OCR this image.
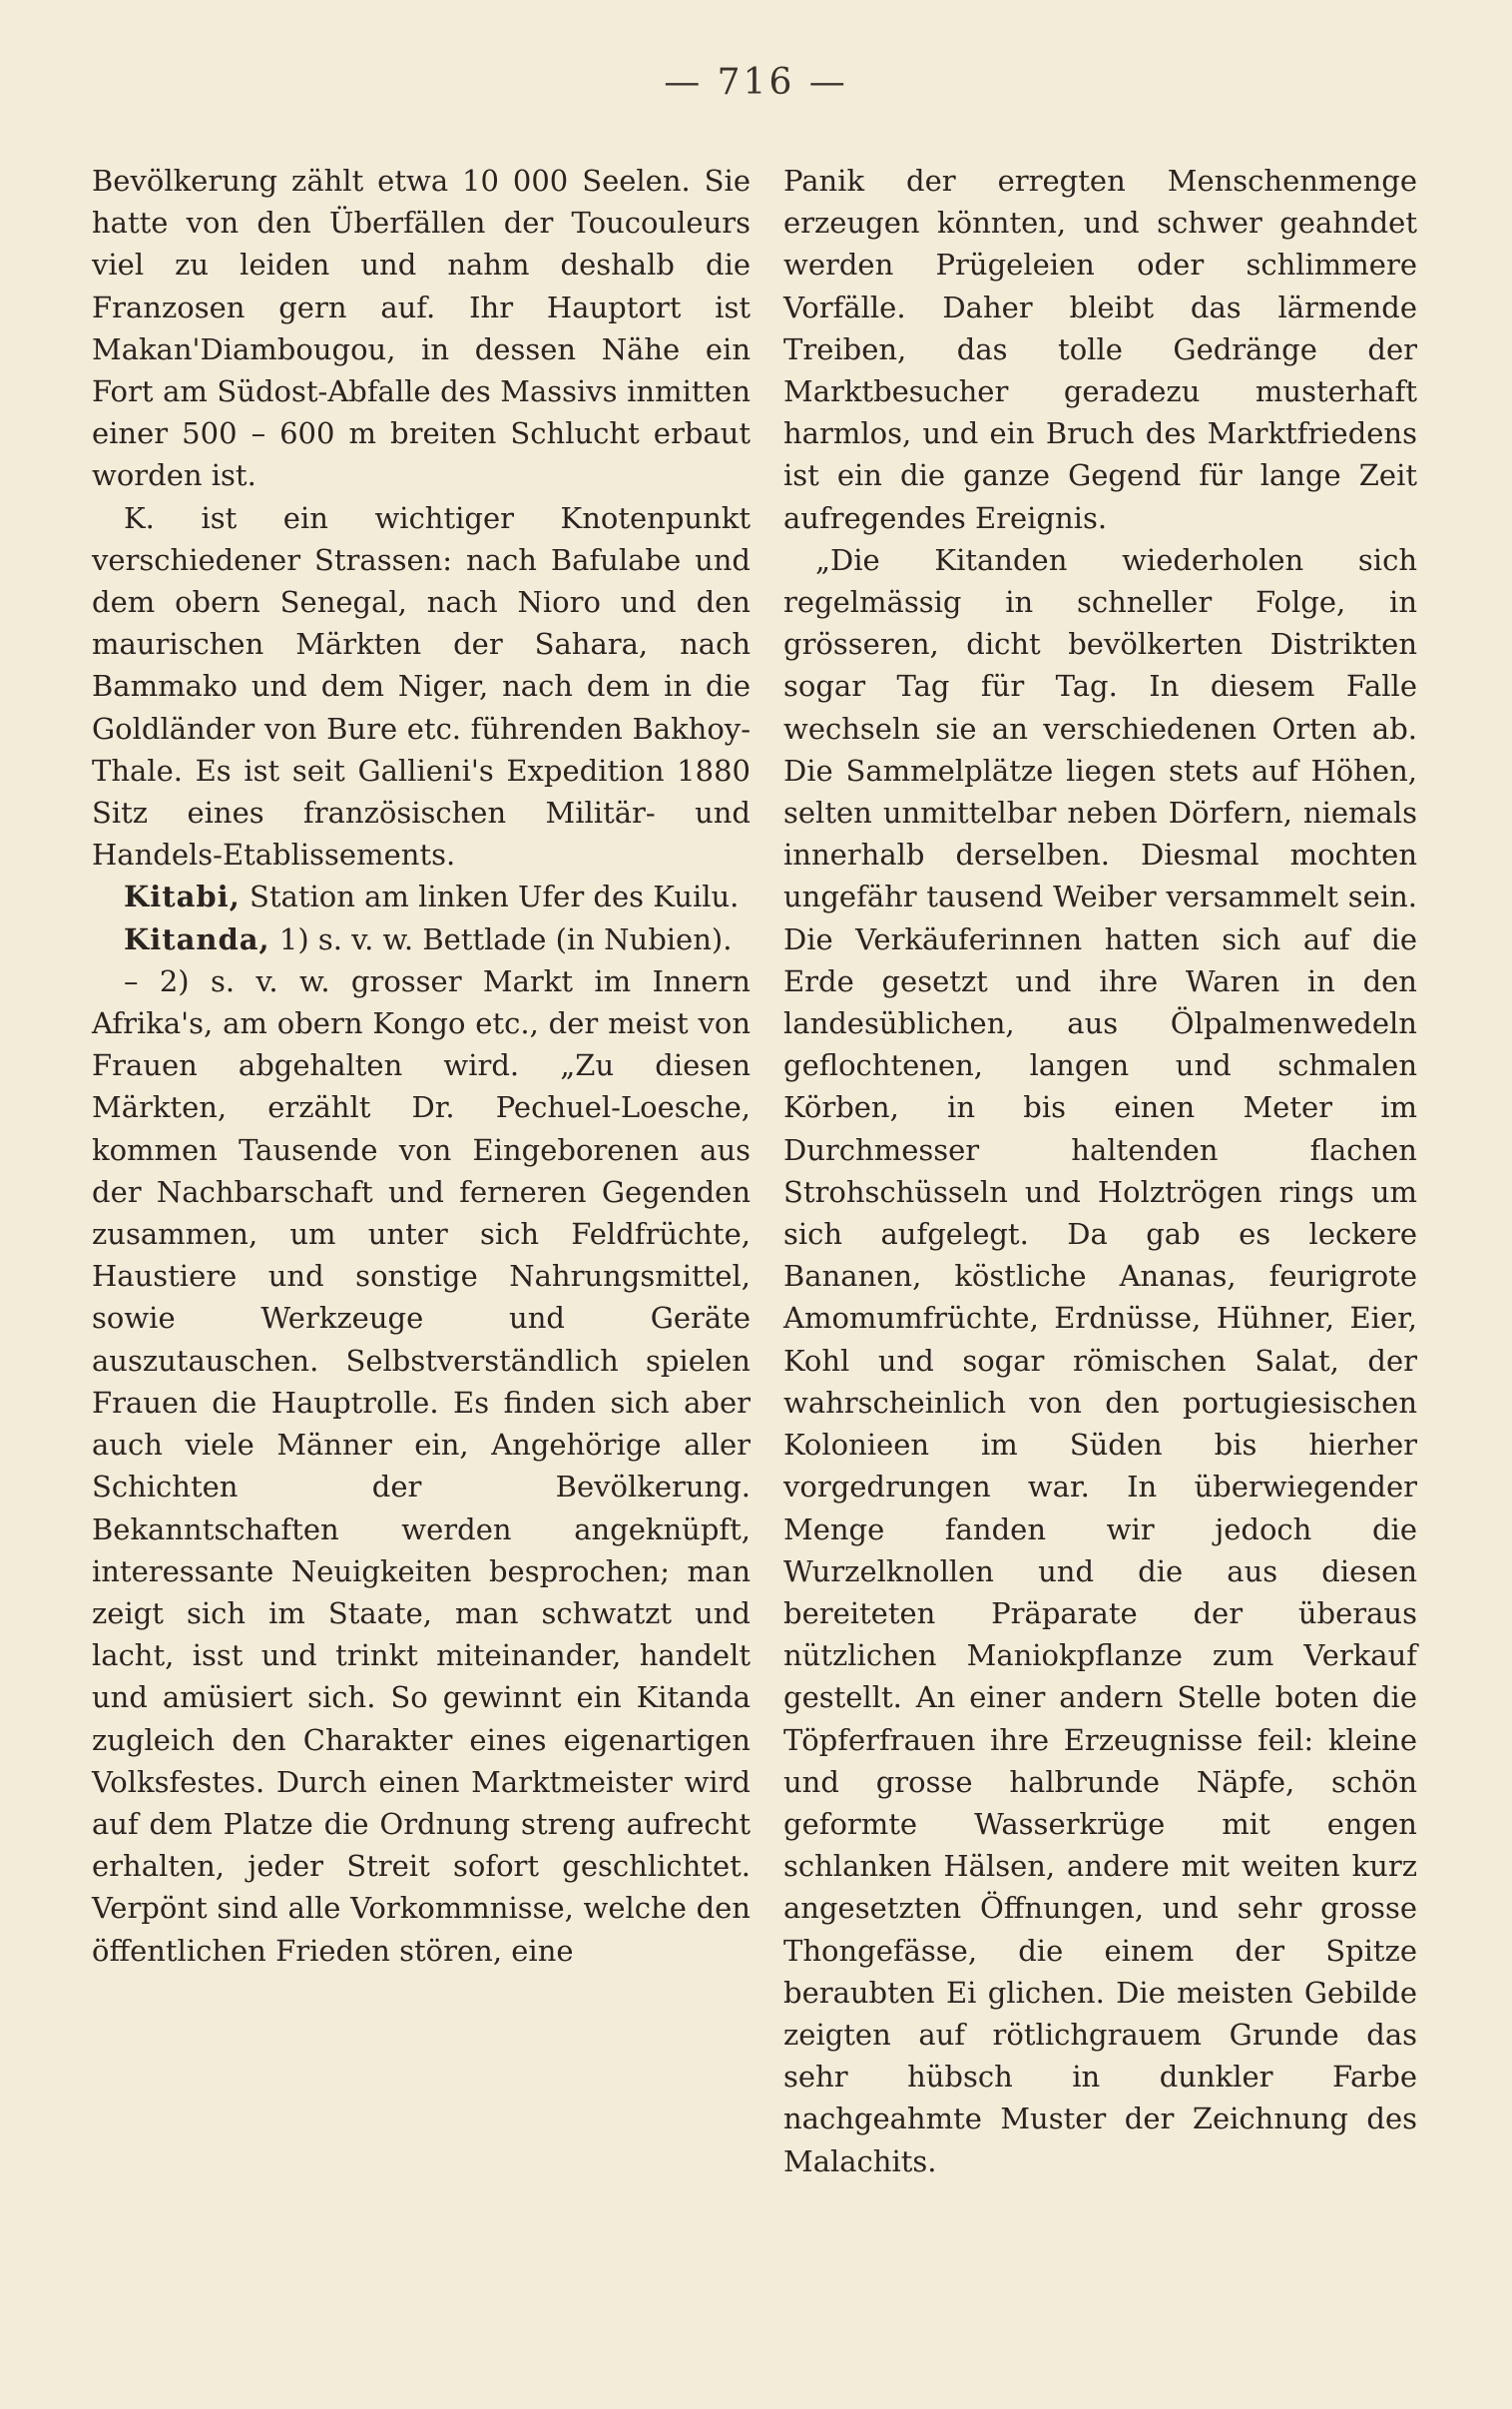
— 716 —

Bevölkerung zählt etwa 10 000 Seelen. Sie hatte von den Überfällen der Toucouleurs viel zu leiden und nahm deshalb die Franzosen gern auf. Ihr Hauptort ist Makan'Diambougou, in dessen Nähe ein Fort am Südost-Abfalle des Massivs inmitten einer 500 – 600 m breiten Schlucht erbaut worden ist.

K. ist ein wichtiger Knotenpunkt verschiedener Strassen: nach Bafulabe und dem obern Senegal, nach Nioro und den maurischen Märkten der Sahara, nach Bammako und dem Niger, nach dem in die Goldländer von Bure etc. führenden Bakhoy-Thale. Es ist seit Gallieni's Expedition 1880 Sitz eines französischen Militär- und Handels-Etablissements.

Kitabi, Station am linken Ufer des Kuilu.

Kitanda, 1) s. v. w. Bettlade (in Nubien).

– 2) s. v. w. grosser Markt im Innern Afrika's, am obern Kongo etc., der meist von Frauen abgehalten wird. „Zu diesen Märkten, erzählt Dr. Pechuel-Loesche, kommen Tausende von Eingeborenen aus der Nachbarschaft und ferneren Gegenden zusammen, um unter sich Feldfrüchte, Haustiere und sonstige Nahrungsmittel, sowie Werkzeuge und Geräte auszutauschen. Selbstverständlich spielen Frauen die Hauptrolle. Es finden sich aber auch viele Männer ein, Angehörige aller Schichten der Bevölkerung. Bekanntschaften werden angeknüpft, interessante Neuigkeiten besprochen; man zeigt sich im Staate, man schwatzt und lacht, isst und trinkt miteinander, handelt und amüsiert sich. So gewinnt ein Kitanda zugleich den Charakter eines eigenartigen Volksfestes. Durch einen Marktmeister wird auf dem Platze die Ordnung streng aufrecht erhalten, jeder Streit sofort geschlichtet. Verpönt sind alle Vorkommnisse, welche den öffentlichen Frieden stören, eine

Panik der erregten Menschenmenge erzeugen könnten, und schwer geahndet werden Prügeleien oder schlimmere Vorfälle. Daher bleibt das lärmende Treiben, das tolle Gedränge der Marktbesucher geradezu musterhaft harmlos, und ein Bruch des Marktfriedens ist ein die ganze Gegend für lange Zeit aufregendes Ereignis.

„Die Kitanden wiederholen sich regelmässig in schneller Folge, in grösseren, dicht bevölkerten Distrikten sogar Tag für Tag. In diesem Falle wechseln sie an verschiedenen Orten ab. Die Sammelplätze liegen stets auf Höhen, selten unmittelbar neben Dörfern, niemals innerhalb derselben. Diesmal mochten ungefähr tausend Weiber versammelt sein. Die Verkäuferinnen hatten sich auf die Erde gesetzt und ihre Waren in den landesüblichen, aus Ölpalmenwedeln geflochtenen, langen und schmalen Körben, in bis einen Meter im Durchmesser haltenden flachen Strohschüsseln und Holztrögen rings um sich aufgelegt. Da gab es leckere Bananen, köstliche Ananas, feurigrote Amomumfrüchte, Erdnüsse, Hühner, Eier, Kohl und sogar römischen Salat, der wahrscheinlich von den portugiesischen Kolonieen im Süden bis hierher vorgedrungen war. In überwiegender Menge fanden wir jedoch die Wurzelknollen und die aus diesen bereiteten Präparate der überaus nützlichen Maniokpflanze zum Verkauf gestellt. An einer andern Stelle boten die Töpferfrauen ihre Erzeugnisse feil: kleine und grosse halbrunde Näpfe, schön geformte Wasserkrüge mit engen schlanken Hälsen, andere mit weiten kurz angesetzten Öffnungen, und sehr grosse Thongefässe, die einem der Spitze beraubten Ei glichen. Die meisten Gebilde zeigten auf rötlichgrauem Grunde das sehr hübsch in dunkler Farbe nachgeahmte Muster der Zeichnung des Malachits.
